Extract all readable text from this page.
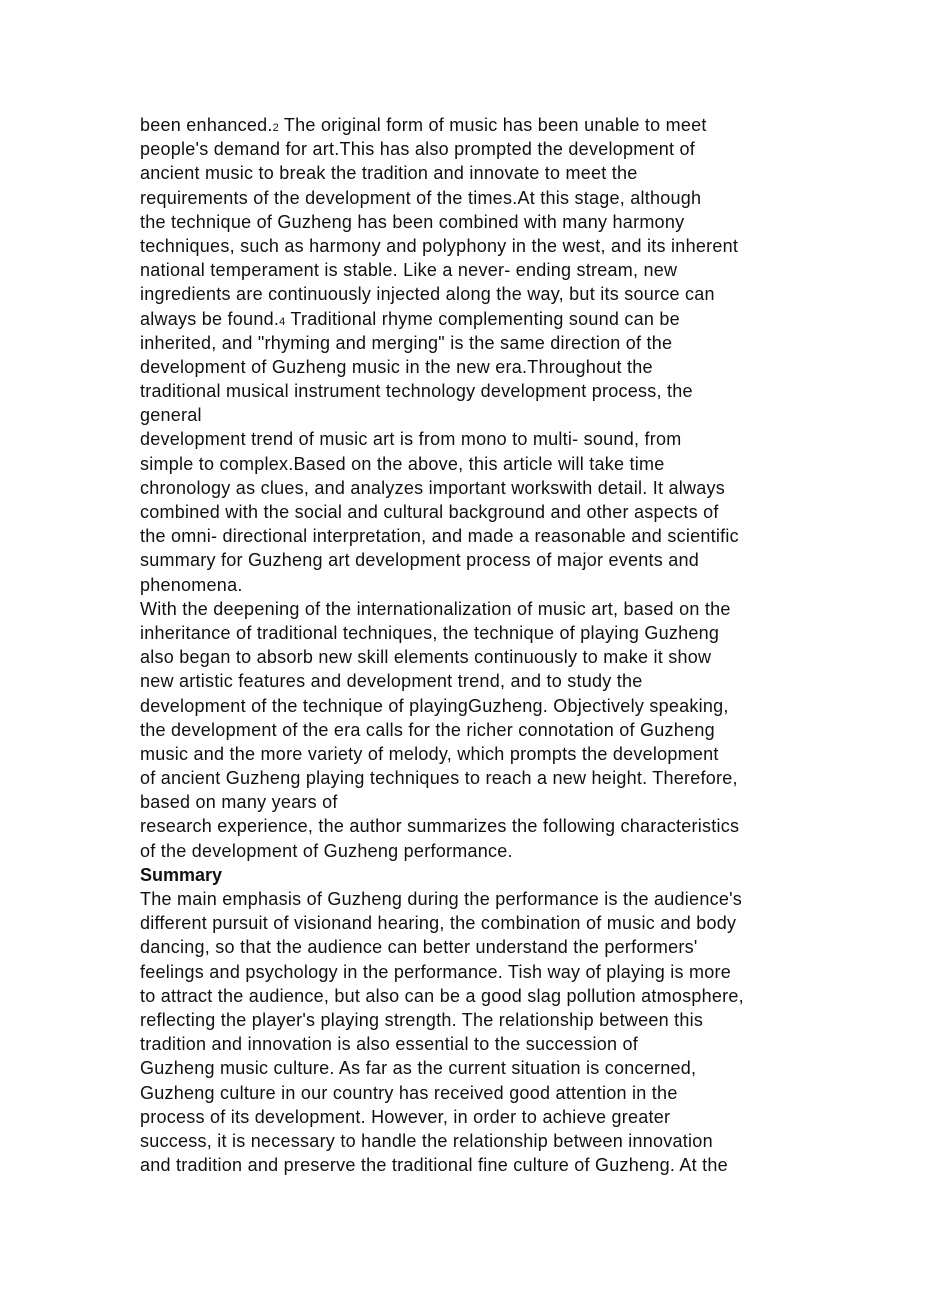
been enhanced.2 The original form of music has been unable to meet
people's demand for art.This has also prompted the development of
ancient music to break the tradition and innovate to meet the
requirements of the development of the times.At this stage, although
the technique of Guzheng has been combined with many harmony
techniques, such as harmony and polyphony in the west, and its inherent
national temperament is stable. Like a never- ending stream, new
ingredients are continuously injected along the way, but its source can
always be found.4 Traditional rhyme complementing sound can be
inherited, and "rhyming and merging" is the same direction of the
development of Guzheng music in the new era.Throughout the
traditional musical instrument technology development process, the
general
development trend of music art is from mono to multi- sound, from
simple to complex.Based on the above, this article will take time
chronology as clues, and analyzes important workswith detail. It always
combined with the social and cultural background and other aspects of
the omni- directional interpretation, and made a reasonable and scientific
summary for Guzheng art development process of major events and
phenomena.
With the deepening of the internationalization of music art, based on the
inheritance of traditional techniques, the technique of playing Guzheng
also began to absorb new skill elements continuously to make it show
new artistic features and development trend, and to study the
development of the technique of playingGuzheng. Objectively speaking,
the development of the era calls for the richer connotation of Guzheng
music and the more variety of melody, which prompts the development
of ancient Guzheng playing techniques to reach a new height. Therefore,
based on many years of
research experience, the author summarizes the following characteristics
of the development of Guzheng performance.
Summary
The main emphasis of Guzheng during the performance is the audience's
different pursuit of visionand hearing, the combination of music and body
dancing, so that the audience can better understand the performers'
feelings and psychology in the performance. Tish way of playing is more
to attract the audience, but also can be a good slag pollution atmosphere,
reflecting the player's playing strength. The relationship between this
tradition and innovation is also essential to the succession of
Guzheng music culture. As far as the current situation is concerned,
Guzheng culture in our country has received good attention in the
process of its development. However, in order to achieve greater
success, it is necessary to handle the relationship between innovation
and tradition and preserve the traditional fine culture of Guzheng. At the
